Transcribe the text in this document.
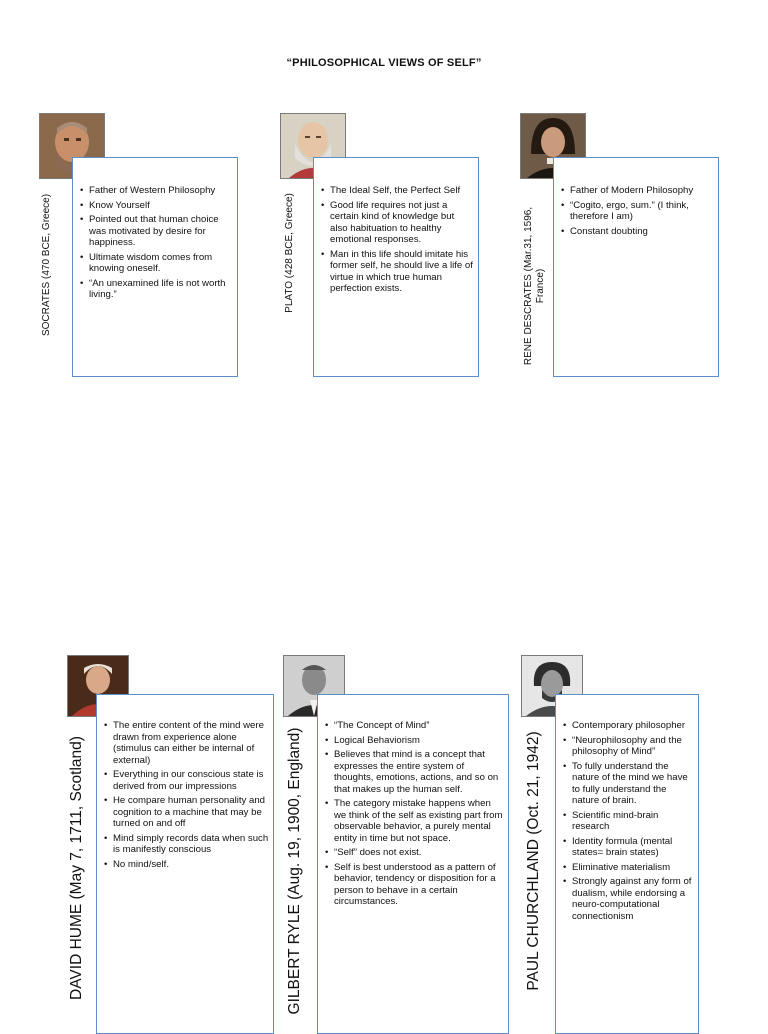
“PHILOSOPHICAL VIEWS OF SELF”
• Father of Western Philosophy
• Know Yourself
• Pointed out that human choice was motivated by desire for happiness.
• Ultimate wisdom comes from knowing oneself.
• “An unexamined life is not worth living.”
SOCRATES (470 BCE, Greece)
• The Ideal Self, the Perfect Self
• Good life requires not just a certain kind of knowledge but also habituation to healthy emotional responses.
• Man in this life should imitate his former self, he should live a life of virtue in which true human perfection exists.
PLATO (428 BCE, Greece)
• Father of Modern Philosophy
• “Cogito, ergo, sum.” (I think, therefore I am)
• Constant doubting
RENE DESCRATES (Mar.31, 1596, France)
• The entire content of the mind were drawn from experience alone (stimulus can either be internal of external)
• Everything in our conscious state is derived from our impressions
• He compare human personality and cognition to a machine that may be turned on and off
• Mind simply records data when such is manifestly conscious
• No mind/self.
DAVID HUME (May 7, 1711, Scotland)
• “The Concept of Mind”
• Logical Behaviorism
• Believes that mind is a concept that expresses the entire system of thoughts, emotions, actions, and so on that makes up the human self.
• The category mistake happens when we think of the self as existing part from observable behavior, a purely mental entity in time but not space.
• “Self” does not exist.
• Self is best understood as a pattern of behavior, tendency or disposition for a person to behave in a certain circumstances.
GILBERT RYLE (Aug. 19, 1900, England)
• Contemporary philosopher
• “Neurophilosophy and the philosophy of Mind”
• To fully understand the nature of the mind we have to fully understand the nature of brain.
• Scientific mind-brain research
• Identity formula (mental states= brain states)
• Eliminative materialism
• Strongly against any form of dualism, while endorsing a neuro-computational connectionism
PAUL CHURCHLAND (Oct. 21, 1942)
